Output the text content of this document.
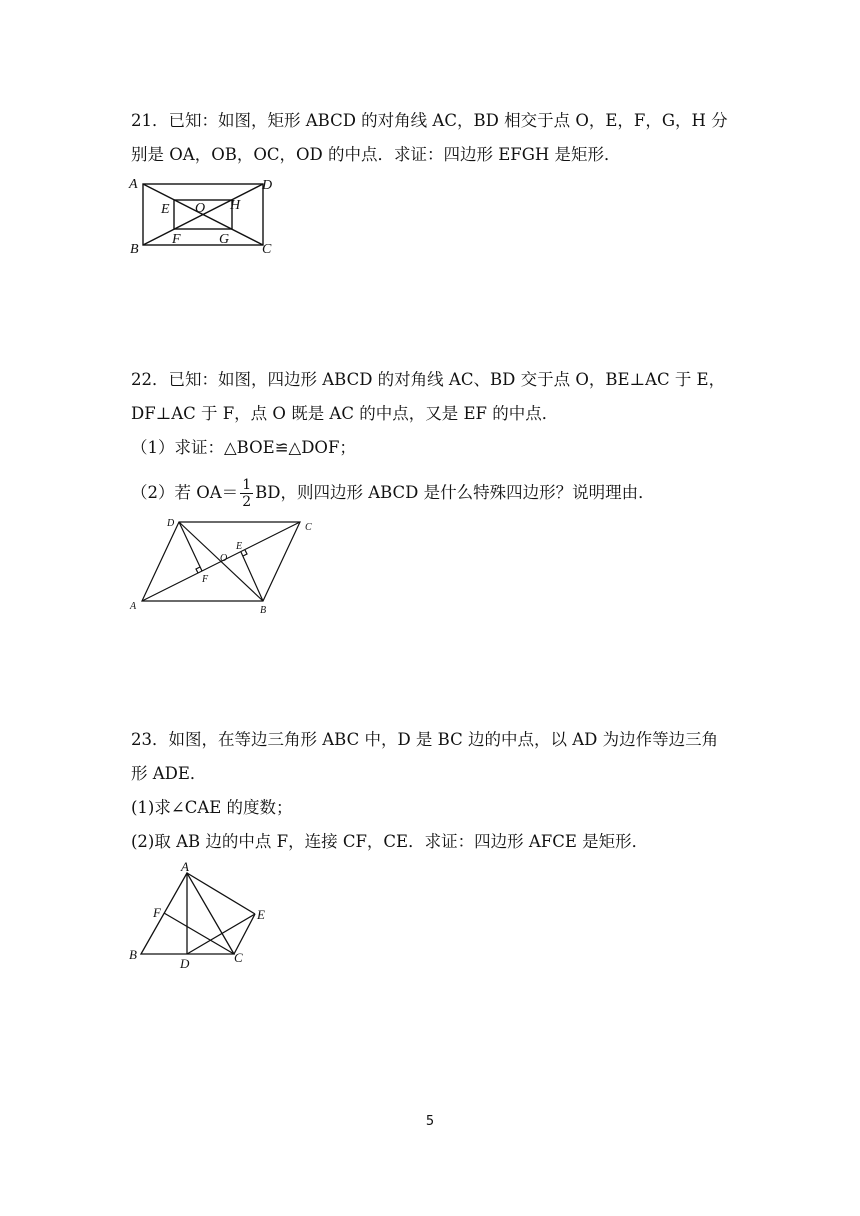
21．已知：如图，矩形 ABCD 的对角线 AC，BD 相交于点 O，E，F，G，H 分
别是 OA，OB，OC，OD 的中点．求证：四边形 EFGH 是矩形．
A	D
B	C
E O H
F	G
22．已知：如图，四边形 ABCD 的对角线 AC、BD 交于点 O，BE⊥AC 于 E，
DF⊥AC 于 F，点 O 既是 AC 的中点，又是 EF 的中点．
（1）求证：△BOE≌△DOF；
（2）若 $OA= \frac{1}{2}$ BD，则四边形 ABCD 是什么特殊四边形？说明理由．
A
D	C
B
O
E
F
23．如图，在等边三角形 ABC 中，D 是 BC 边的中点，以 AD 为边作等边三角
形 ADE．
(1)求∠CAE 的度数；
(2)取 AB 边的中点 F，连接 CF，CE．求证：四边形 AFCE 是矩形．
A
B	C
D
E
F
5
